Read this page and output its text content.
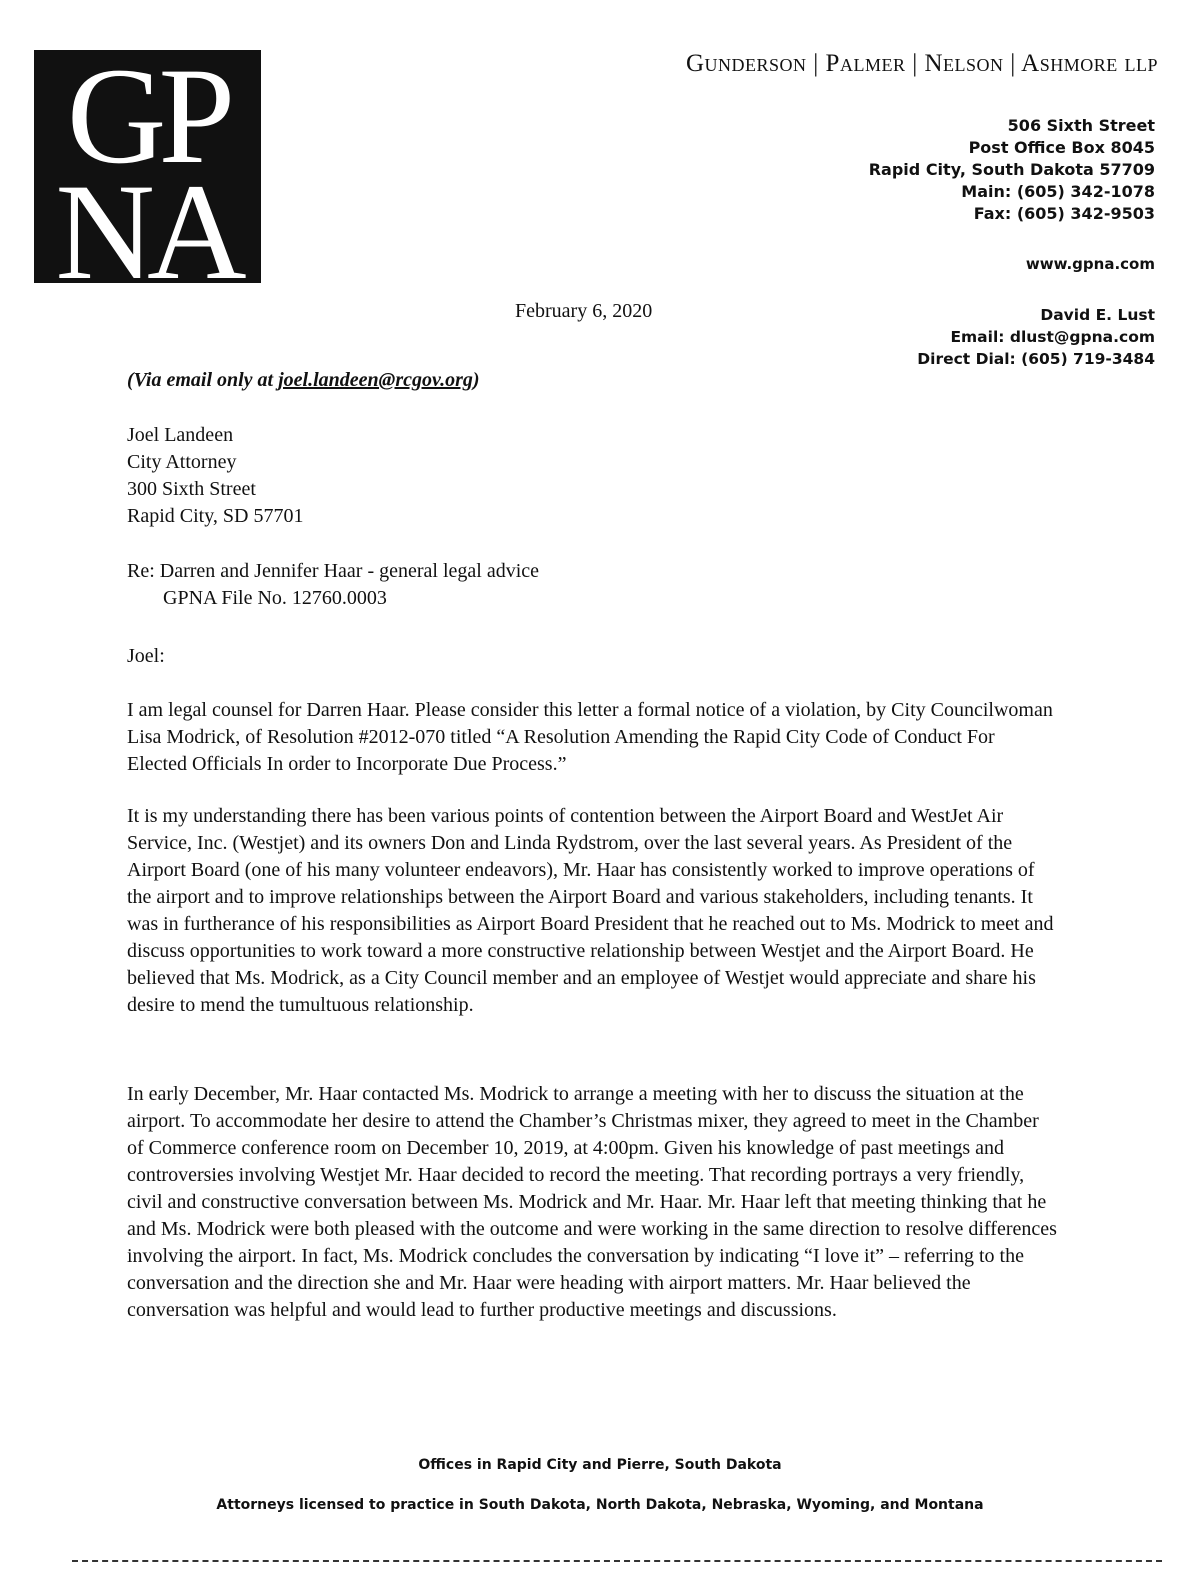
GP
NA
Gunderson | Palmer | Nelson | Ashmore llp
506 Sixth Street
Post Office Box 8045
Rapid City, South Dakota 57709
Main: (605) 342-1078
Fax: (605) 342-9503
www.gpna.com
David E. Lust
Email: dlust@gpna.com
Direct Dial: (605) 719-3484
February 6, 2020
(Via email only at joel.landeen@rcgov.org)
Joel Landeen
City Attorney
300 Sixth Street
Rapid City, SD 57701
Re: Darren and Jennifer Haar - general legal advice
GPNA File No. 12760.0003
Joel:
I am legal counsel for Darren Haar. Please consider this letter a formal notice of a violation, by City Councilwoman Lisa Modrick, of Resolution #2012-070 titled “A Resolution Amending the Rapid City Code of Conduct For Elected Officials In order to Incorporate Due Process.”
It is my understanding there has been various points of contention between the Airport Board and WestJet Air Service, Inc. (Westjet) and its owners Don and Linda Rydstrom, over the last several years. As President of the Airport Board (one of his many volunteer endeavors), Mr. Haar has consistently worked to improve operations of the airport and to improve relationships between the Airport Board and various stakeholders, including tenants. It was in furtherance of his responsibilities as Airport Board President that he reached out to Ms. Modrick to meet and discuss opportunities to work toward a more constructive relationship between Westjet and the Airport Board. He believed that Ms. Modrick, as a City Council member and an employee of Westjet would appreciate and share his desire to mend the tumultuous relationship.
In early December, Mr. Haar contacted Ms. Modrick to arrange a meeting with her to discuss the situation at the airport. To accommodate her desire to attend the Chamber’s Christmas mixer, they agreed to meet in the Chamber of Commerce conference room on December 10, 2019, at 4:00pm. Given his knowledge of past meetings and controversies involving Westjet Mr. Haar decided to record the meeting. That recording portrays a very friendly, civil and constructive conversation between Ms. Modrick and Mr. Haar. Mr. Haar left that meeting thinking that he and Ms. Modrick were both pleased with the outcome and were working in the same direction to resolve differences involving the airport. In fact, Ms. Modrick concludes the conversation by indicating “I love it” – referring to the conversation and the direction she and Mr. Haar were heading with airport matters. Mr. Haar believed the conversation was helpful and would lead to further productive meetings and discussions.
Offices in Rapid City and Pierre, South Dakota
Attorneys licensed to practice in South Dakota, North Dakota, Nebraska, Wyoming, and Montana
